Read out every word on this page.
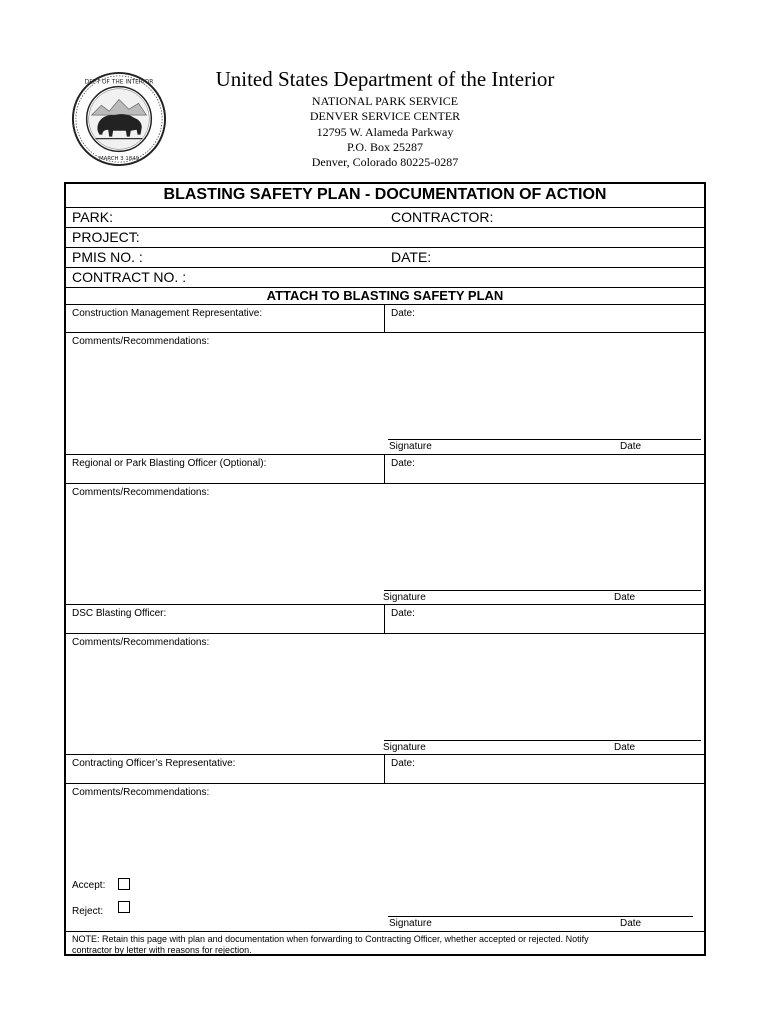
DEPT OF THE INTERIOR
MARCH 3 1849
United States Department of the Interior
NATIONAL PARK SERVICE
DENVER SERVICE CENTER
12795 W. Alameda Parkway
P.O. Box 25287
Denver, Colorado 80225-0287
BLASTING SAFETY PLAN - DOCUMENTATION OF ACTION
PARK:	CONTRACTOR:
PROJECT:
PMIS NO. :	DATE:
CONTRACT NO. :
ATTACH TO BLASTING SAFETY PLAN
Construction Management Representative:	Date:
Comments/Recommendations:
Signature	Date
Regional or Park Blasting Officer (Optional):	Date:
Comments/Recommendations:
Signature	Date
DSC Blasting Officer:	Date:
Comments/Recommendations:
Signature	Date
Contracting Officer’s Representative:	Date:
Comments/Recommendations:
Accept:
Reject:
Signature	Date
NOTE: Retain this page with plan and documentation when forwarding to Contracting Officer, whether accepted or rejected. Notify
contractor by letter with reasons for rejection.
